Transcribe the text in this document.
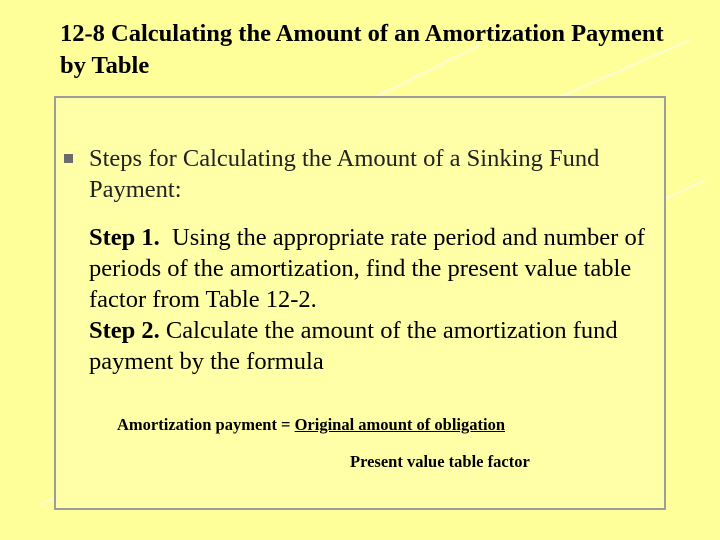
12-8 Calculating the Amount of an Amortization Payment by Table
Steps for Calculating the Amount of a Sinking Fund Payment:

Step 1. Using the appropriate rate period and number of periods of the amortization, find the present value table factor from Table 12-2.

Step 2. Calculate the amount of the amortization fund payment by the formula

Amortization payment = Original amount of obligation
Present value table factor
